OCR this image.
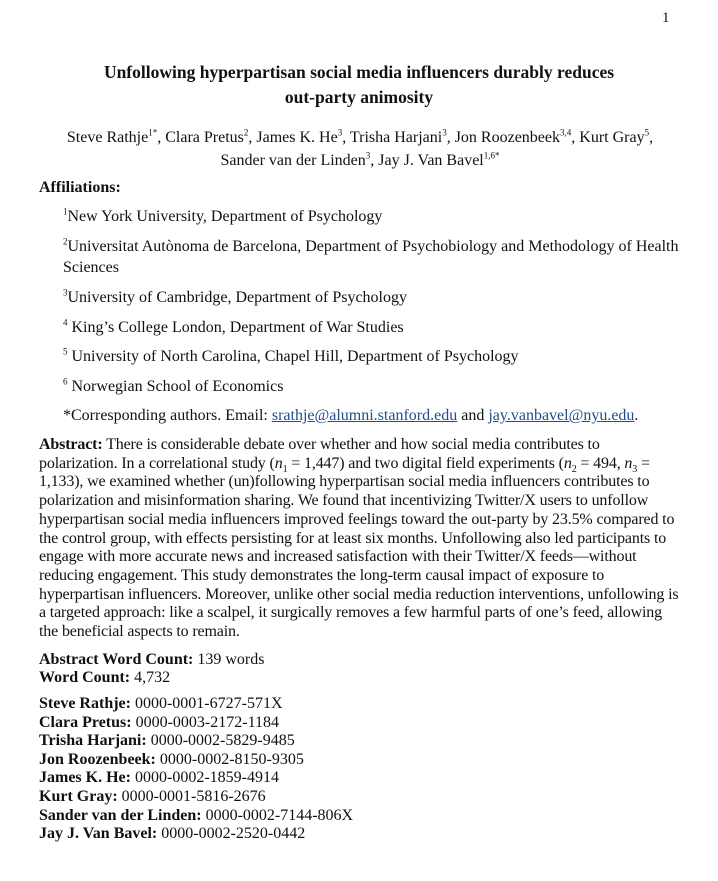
1
Unfollowing hyperpartisan social media influencers durably reduces
out-party animosity
Steve Rathje$^{1*}$, Clara Pretus$^2$, James K. He$^3$, Trisha Harjani$^3$, Jon Roozenbeek$^{3,4}$, Kurt Gray$^5$,
Sander van der Linden$^3$, Jay J. Van Bavel$^{1,6*}$
Affiliations:
$^1$New York University, Department of Psychology
$^2$Universitat Autònoma de Barcelona, Department of Psychobiology and Methodology of Health Sciences
$^3$University of Cambridge, Department of Psychology
$^4$ King’s College London, Department of War Studies
$^5$ University of North Carolina, Chapel Hill, Department of Psychology
$^6$ Norwegian School of Economics
*Corresponding authors. Email: srathje@alumni.stanford.edu and jay.vanbavel@nyu.edu.
Abstract: There is considerable debate over whether and how social media contributes to polarization. In a correlational study $(n_1 = 1,447)$ and two digital field experiments ($n_2 = 494$, $n_3 = 1,133$), we examined whether (un)following hyperpartisan social media influencers contributes to polarization and misinformation sharing. We found that incentivizing Twitter/X users to unfollow hyperpartisan social media influencers improved feelings toward the out-party by 23.5% compared to the control group, with effects persisting for at least six months. Unfollowing also led participants to engage with more accurate news and increased satisfaction with their Twitter/X feeds—without reducing engagement. This study demonstrates the long-term causal impact of exposure to hyperpartisan influencers. Moreover, unlike other social media reduction interventions, unfollowing is a targeted approach: like a scalpel, it surgically removes a few harmful parts of one’s feed, allowing the beneficial aspects to remain.
Abstract Word Count: 139 words
Word Count: 4,732
Steve Rathje: 0000-0001-6727-571X
Clara Pretus: 0000-0003-2172-1184
Trisha Harjani: 0000-0002-5829-9485
Jon Roozenbeek: 0000-0002-8150-9305
James K. He: 0000-0002-1859-4914
Kurt Gray: 0000-0001-5816-2676
Sander van der Linden: 0000-0002-7144-806X
Jay J. Van Bavel: 0000-0002-2520-0442
